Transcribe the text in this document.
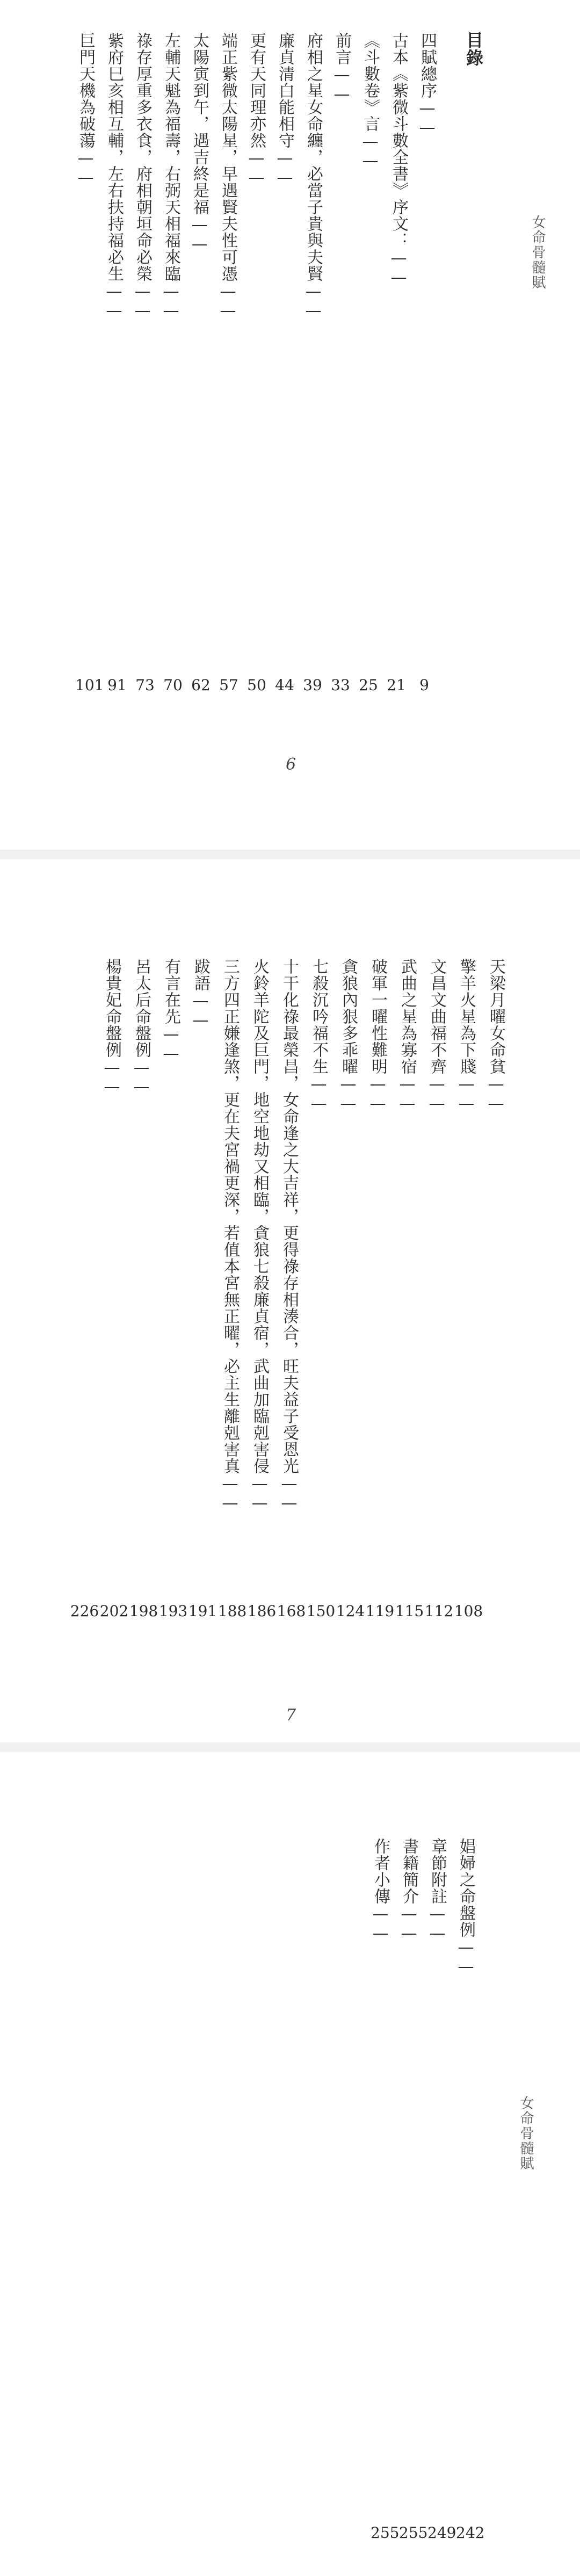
女命骨髓賦
目錄
四賦總序——
古本《紫微斗數全書》序文：——
《斗數卷》言——
前言——
府相之星女命纏，必當子貴與夫賢——
廉貞清白能相守——
更有天同理亦然——
端正紫微太陽星，早遇賢夫性可憑——
太陽寅到午，遇吉終是福——
左輔天魁為福壽，右弼天相福來臨——
祿存厚重多衣食，府相朝垣命必榮——
紫府巳亥相互輔，左右扶持福必生——
巨門天機為破蕩——
9
21
25
33
39
44
50
57
62
70
73
91
101
6
天梁月曜女命貧——
擎羊火星為下賤——
文昌文曲福不齊——
武曲之星為寡宿——
破軍一曜性難明——
貪狼內狠多乖曜——
七殺沉吟福不生——
十干化祿最榮昌，女命逢之大吉祥，更得祿存相湊合，旺夫益子受恩光——
火鈴羊陀及巨門，地空地劫又相臨，貪狼七殺廉貞宿，武曲加臨剋害侵——
三方四正嫌逢煞，更在夫宮禍更深，若值本宮無正曜，必主生離剋害真——
跋語——
有言在先——
呂太后命盤例——
楊貴妃命盤例——
108
112
115
119
124
150
168
186
188
191
193
198
202
226
7
娼婦之命盤例——
章節附註——
書籍簡介——
作者小傳——
女命骨髓賦
242
249
255
255
